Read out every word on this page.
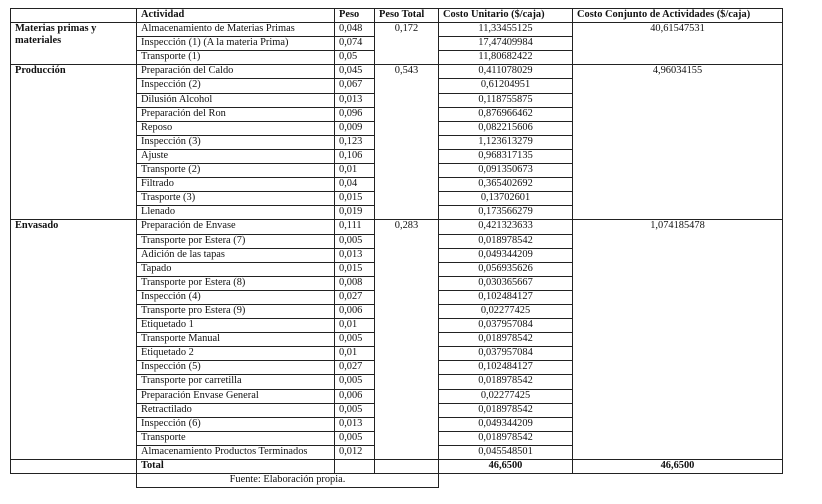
	Actividad	Peso	Peso Total	Costo Unitario ($/caja)	Costo Conjunto de Actividades ($/caja)
Materias primas y materiales	Almacenamiento de Materias Primas	0,048	0,172	11,33455125	40,61547531
	Inspección (1) (A la materia Prima)	0,074		17,47409984	
	Transporte (1)	0,05		11,80682422	
Producción	Preparación del Caldo	0,045	0,543	0,411078029	4,96034155
	Inspección (2)	0,067		0,61204951	
	Dilusión Alcohol	0,013		0,118755875	
	Preparación del Ron	0,096		0,876966462	
	Reposo	0,009		0,082215606	
	Inspección (3)	0,123		1,123613279	
	Ajuste	0,106		0,968317135	
	Transporte (2)	0,01		0,091350673	
	Filtrado	0,04		0,365402692	
	Trasporte (3)	0,015		0,13702601	
	Llenado	0,019		0,173566279	
Envasado	Preparación de Envase	0,111	0,283	0,421323633	1,074185478
	Transporte por Estera (7)	0,005		0,018978542	
	Adición de las tapas	0,013		0,049344209	
	Tapado	0,015		0,056935626	
	Transporte por Estera (8)	0,008		0,030365667	
	Inspección (4)	0,027		0,102484127	
	Transporte pro Estera (9)	0,006		0,02277425	
	Etiquetado 1	0,01		0,037957084	
	Transporte Manual	0,005		0,018978542	
	Etiquetado 2	0,01		0,037957084	
	Inspección (5)	0,027		0,102484127	
	Transporte por carretilla	0,005		0,018978542	
	Preparación Envase General	0,006		0,02277425	
	Retractilado	0,005		0,018978542	
	Inspección (6)	0,013		0,049344209	
	Transporte	0,005		0,018978542	
	Almacenamiento Productos Terminados	0,012		0,045548501	
	Total			46,6500	46,6500
	Fuente: Elaboración propia.				
